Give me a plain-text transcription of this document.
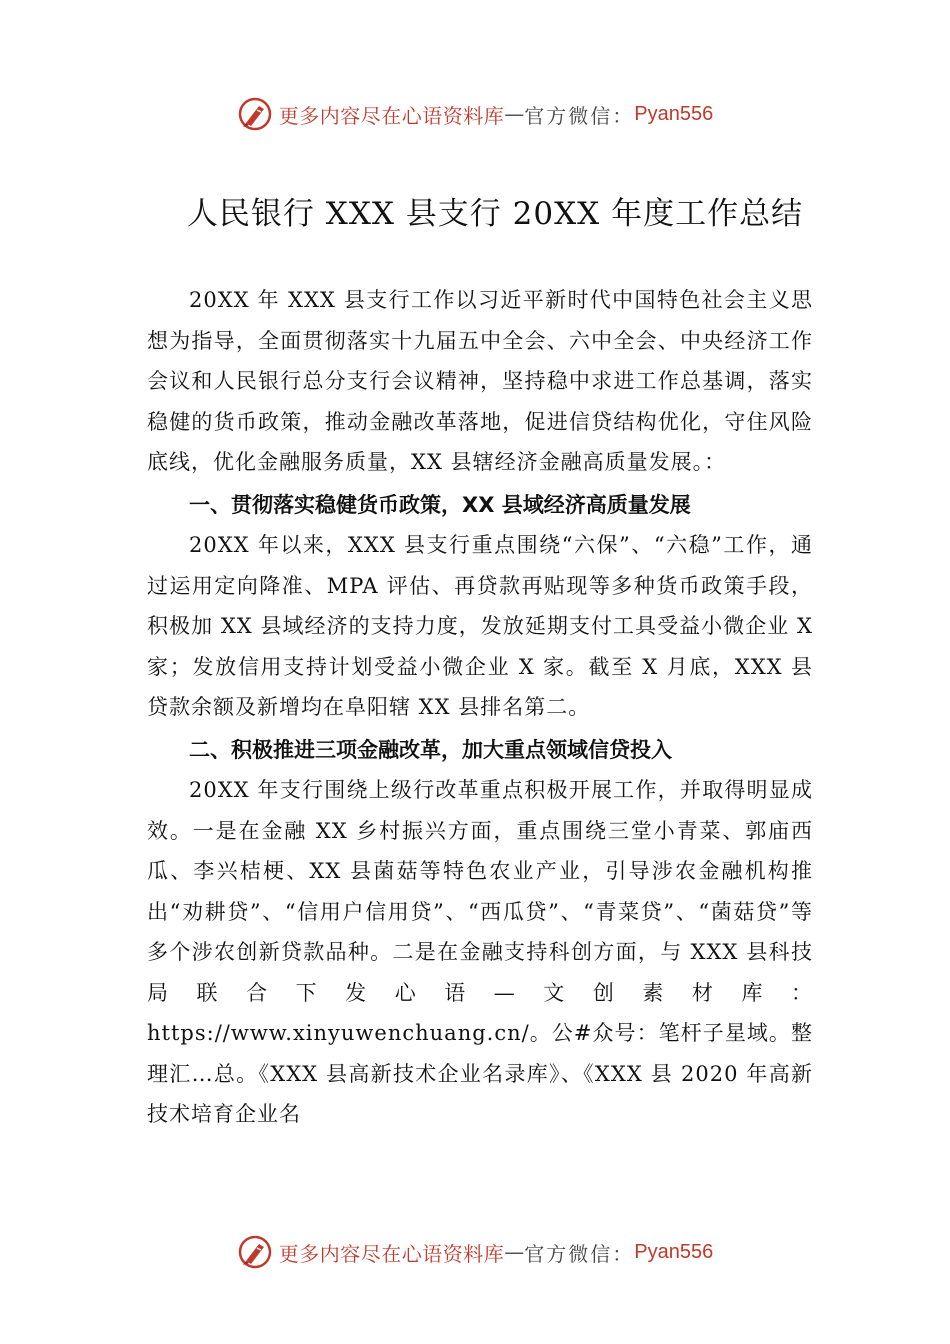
更多内容尽在心语资料库 — 官方微信： Pyan556
人民银行 XXX 县支行 20XX 年度工作总结

20XX 年 XXX 县支行工作以习近平新时代中国特色社会主义思想为指导，全面贯彻落实十九届五中全会、六中全会、中央经济工作会议和人民银行总分支行会议精神，坚持稳中求进工作总基调，落实稳健的货币政策，推动金融改革落地，促进信贷结构优化，守住风险底线，优化金融服务质量，XX 县辖经济金融高质量发展。：

一、贯彻落实稳健货币政策，XX 县域经济高质量发展

20XX 年以来，XXX 县支行重点围绕“六保”、“六稳”工作，通过运用定向降准、MPA 评估、再贷款再贴现等多种货币政策手段，积极加 XX 县域经济的支持力度，发放延期支付工具受益小微企业 X 家；发放信用支持计划受益小微企业 X 家。截至 X 月底，XXX 县贷款余额及新增均在阜阳辖 XX 县排名第二。

二、积极推进三项金融改革，加大重点领域信贷投入

20XX 年支行围绕上级行改革重点积极开展工作，并取得明显成效。一是在金融 XX 乡村振兴方面，重点围绕三堂小青菜、郭庙西瓜、李兴桔梗、XX 县菌菇等特色农业产业，引导涉农金融机构推出“劝耕贷”、“信用户信用贷”、“西瓜贷”、“青菜贷”、“菌菇贷”等多个涉农创新贷款品种。二是在金融支持科创方面，与 XXX 县科技局联合下发心语—文创素材库：https://www.xinyuwenchuang.cn/。公#众号：笔杆子星域。整理汇…总。《XXX 县高新技术企业名录库》、《XXX 县 2020 年高新技术培育企业名

更多内容尽在心语资料库 — 官方微信： Pyan556
